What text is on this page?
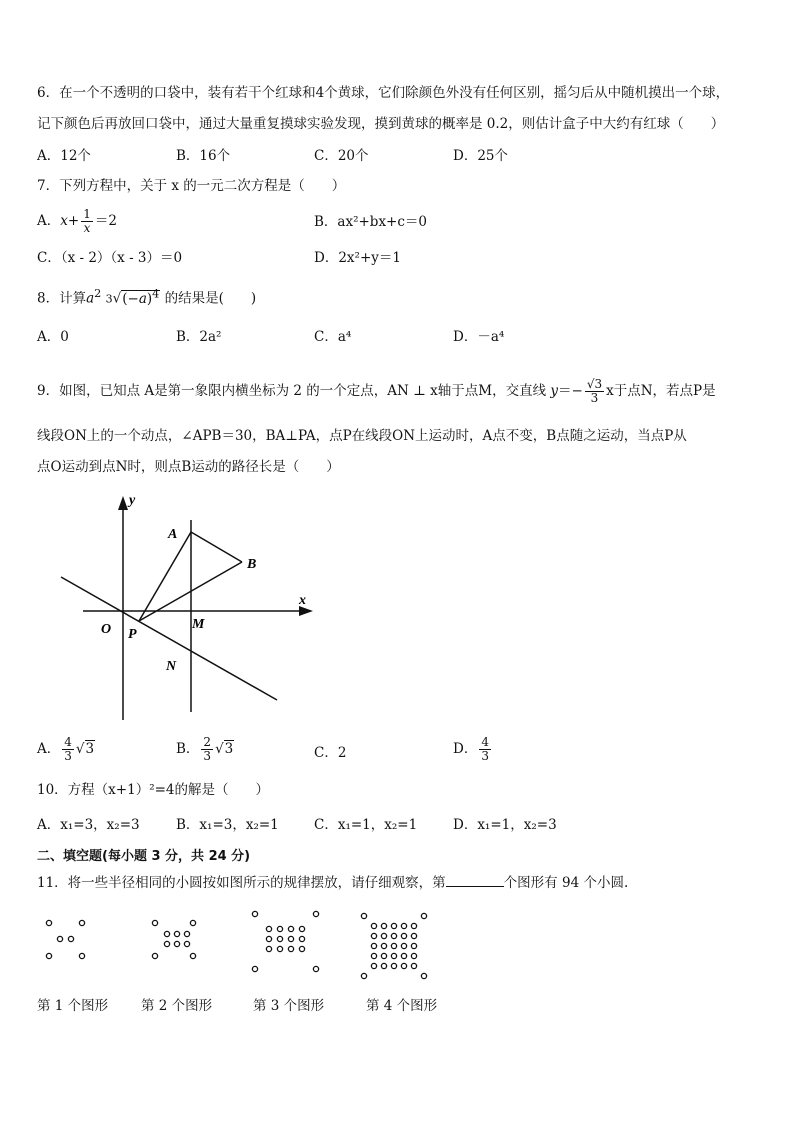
6．在一个不透明的口袋中，装有若干个红球和4个黄球，它们除颜色外没有任何区别，摇匀后从中随机摸出一个球，
记下颜色后再放回口袋中，通过大量重复摸球实验发现，摸到黄球的概率是 0.2，则估计盒子中大约有红球（　　）
A．12个	B．16个	C．20个	D．25个
7．下列方程中，关于 x 的一元二次方程是（　　）
A．$x+ \frac{1}{x} =2$	B．ax²+bx+c＝0
C．（x - 2）（x - 3）＝0	D．2x²+y＝1
8．计算$a^2$ $3√(-a)^4$ 的结果是(　　)
A．0	B．2a²	C．a⁴	D．－a⁴
9．如图，已知点 A是第一象限内横坐标为 2 的一个定点，AN ⊥ x轴于点M，交直线 $y=- \frac{√3}{3}$ x于点N，若点P是
线段ON上的一个动点，∠APB＝30，BA⊥PA，点P在线段ON上运动时，A点不变，B点随之运动，当点P从
点O运动到点N时，则点B运动的路径长是（　　）
y
x
A
B
O P
M
N
A． $\frac{4}{3} √3$	B． $\frac{2}{3} √3$	C．2	D． $\frac{4}{3}$
10．方程（x+1）²=4的解是（　　）
A．x₁=3，x₂=3	B．x₁=3，x₂=1	C．x₁=1，x₂=1	D．x₁=1，x₂=3
二、填空题(每小题 3 分，共 24 分)
11．将一些半径相同的小圆按如图所示的规律摆放，请仔细观察，第	个图形有 94 个小圆.
第 1 个图形 第 2 个图形	第 3 个图形	第 4 个图形
